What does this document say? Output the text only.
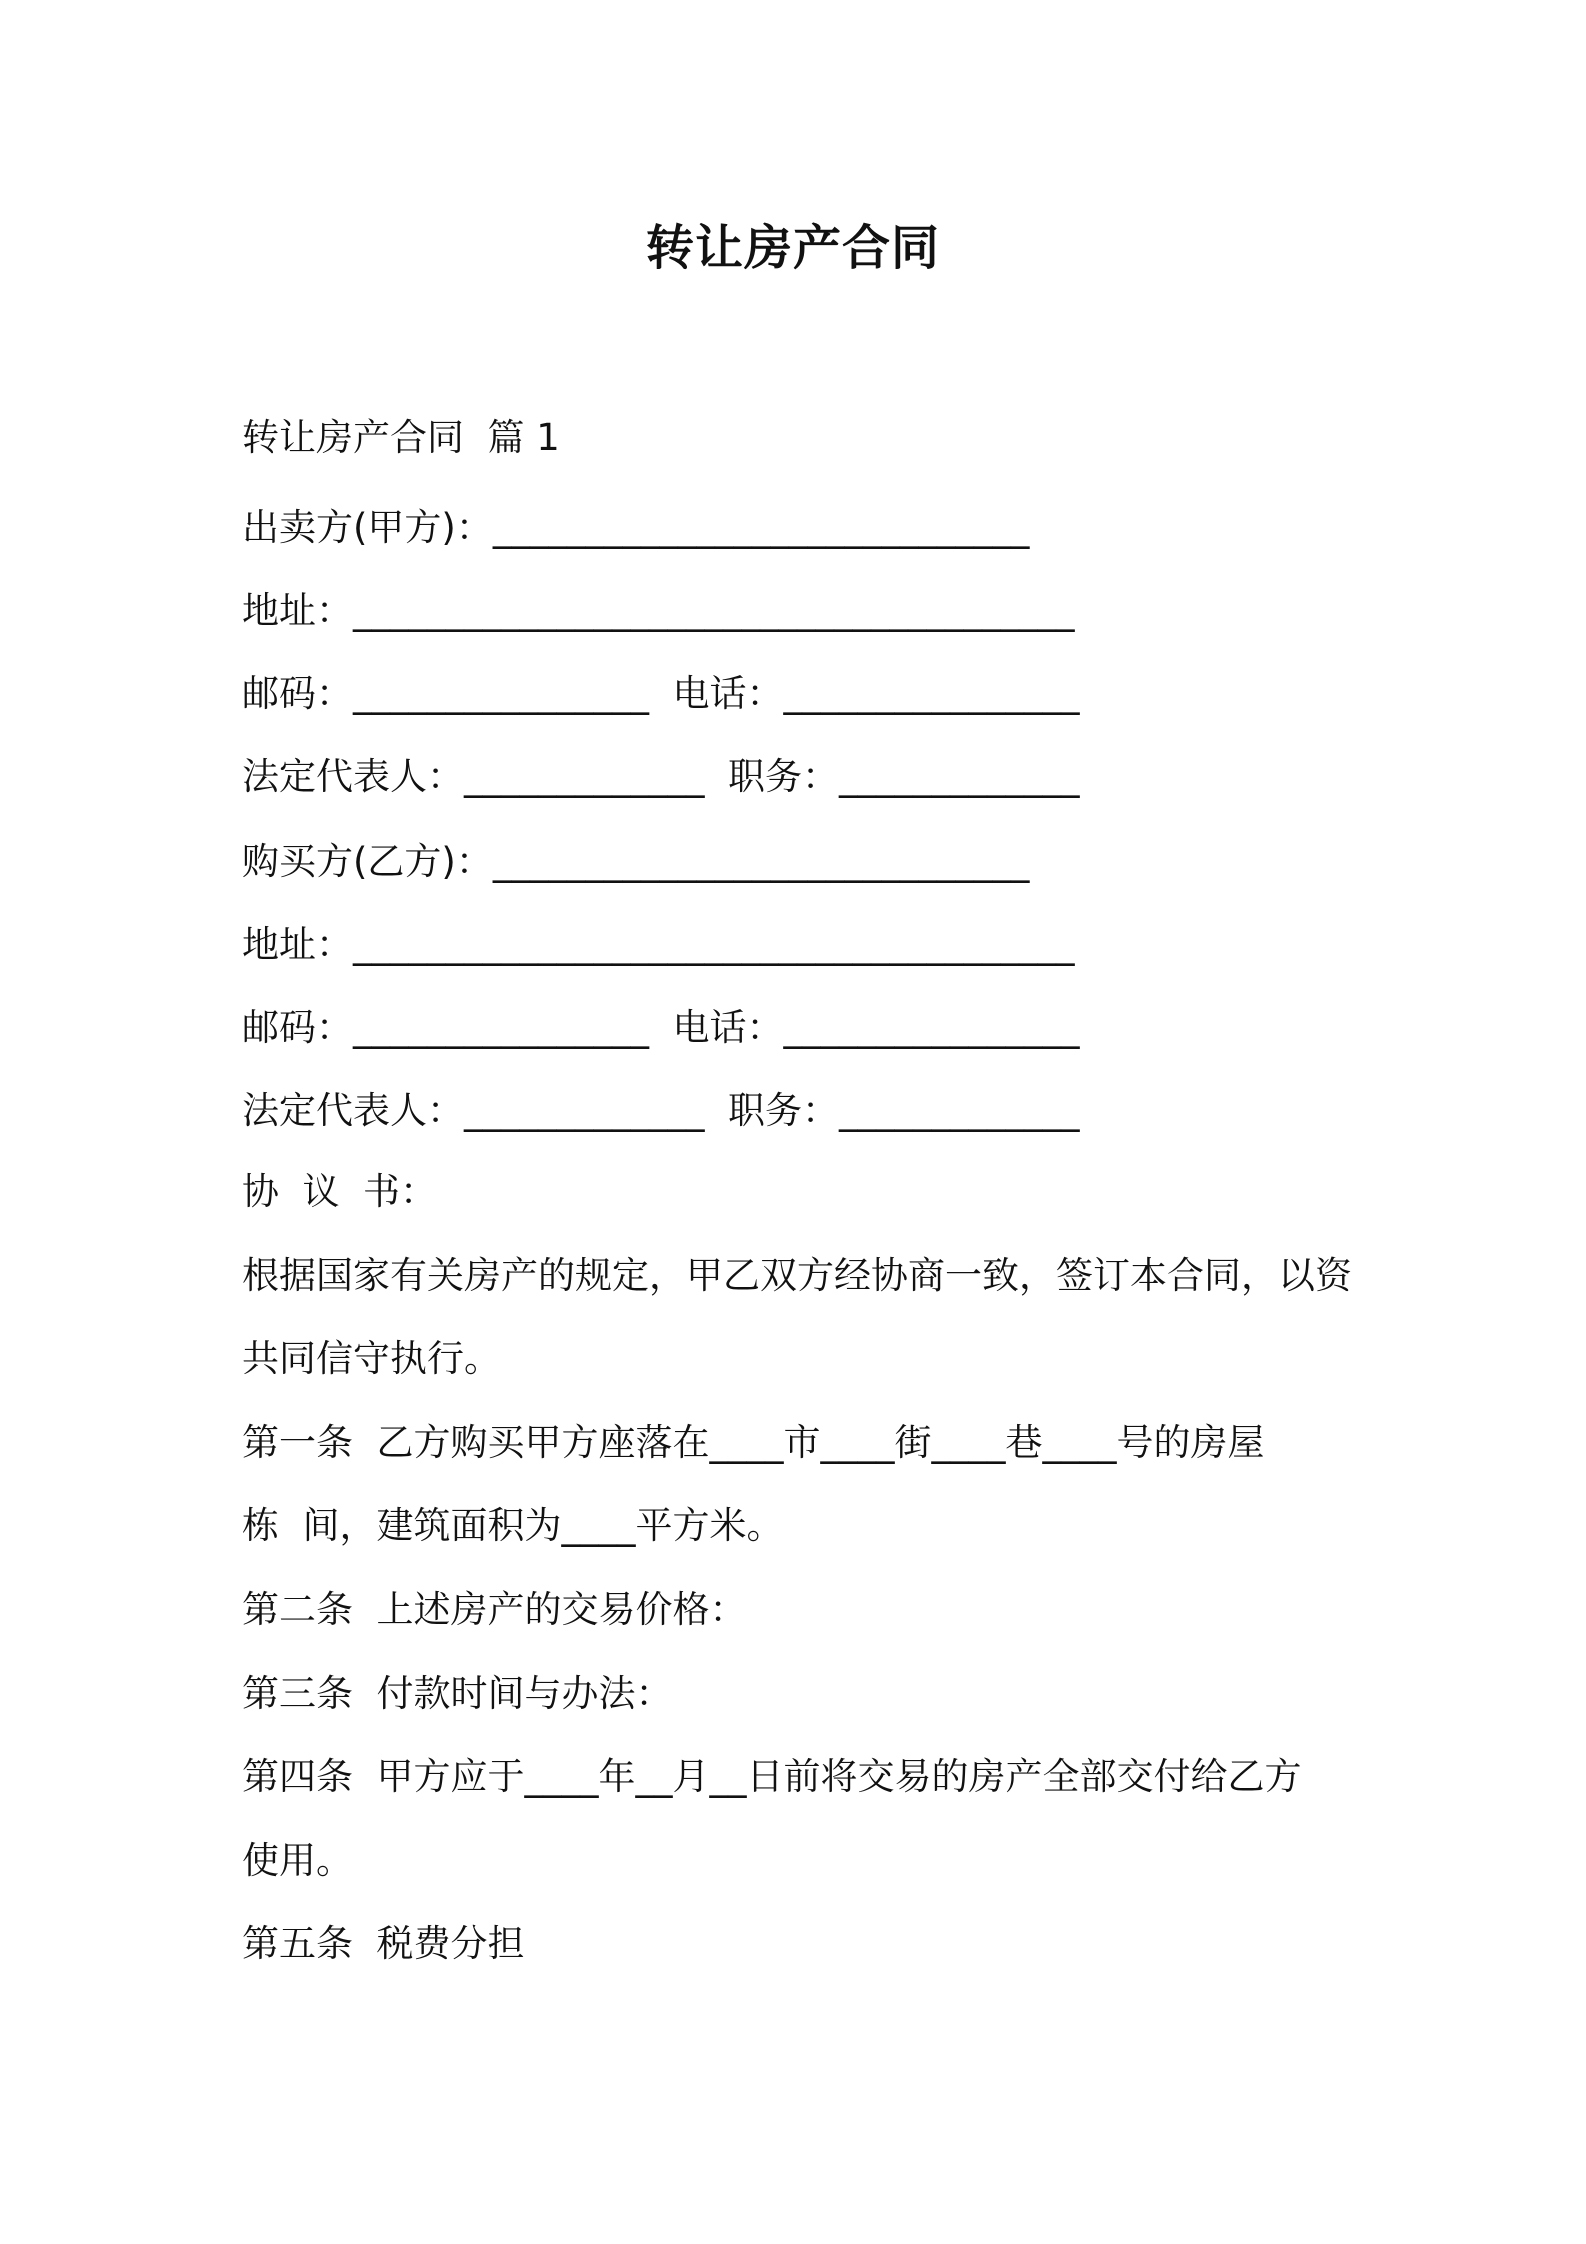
转让房产合同
转让房产合同  篇 1
出卖方(甲方)：_____________________________
地址：_______________________________________
邮码：________________  电话：________________
法定代表人：_____________  职务：_____________
购买方(乙方)：_____________________________
地址：_______________________________________
邮码：________________  电话：________________
法定代表人：_____________  职务：_____________
协  议  书：
根据国家有关房产的规定，甲乙双方经协商一致，签订本合同，以资
共同信守执行。
第一条  乙方购买甲方座落在____市____街____巷____号的房屋
栋  间，建筑面积为____平方米。
第二条  上述房产的交易价格：
第三条  付款时间与办法：
第四条  甲方应于____年__月__日前将交易的房产全部交付给乙方
使用。
第五条  税费分担
